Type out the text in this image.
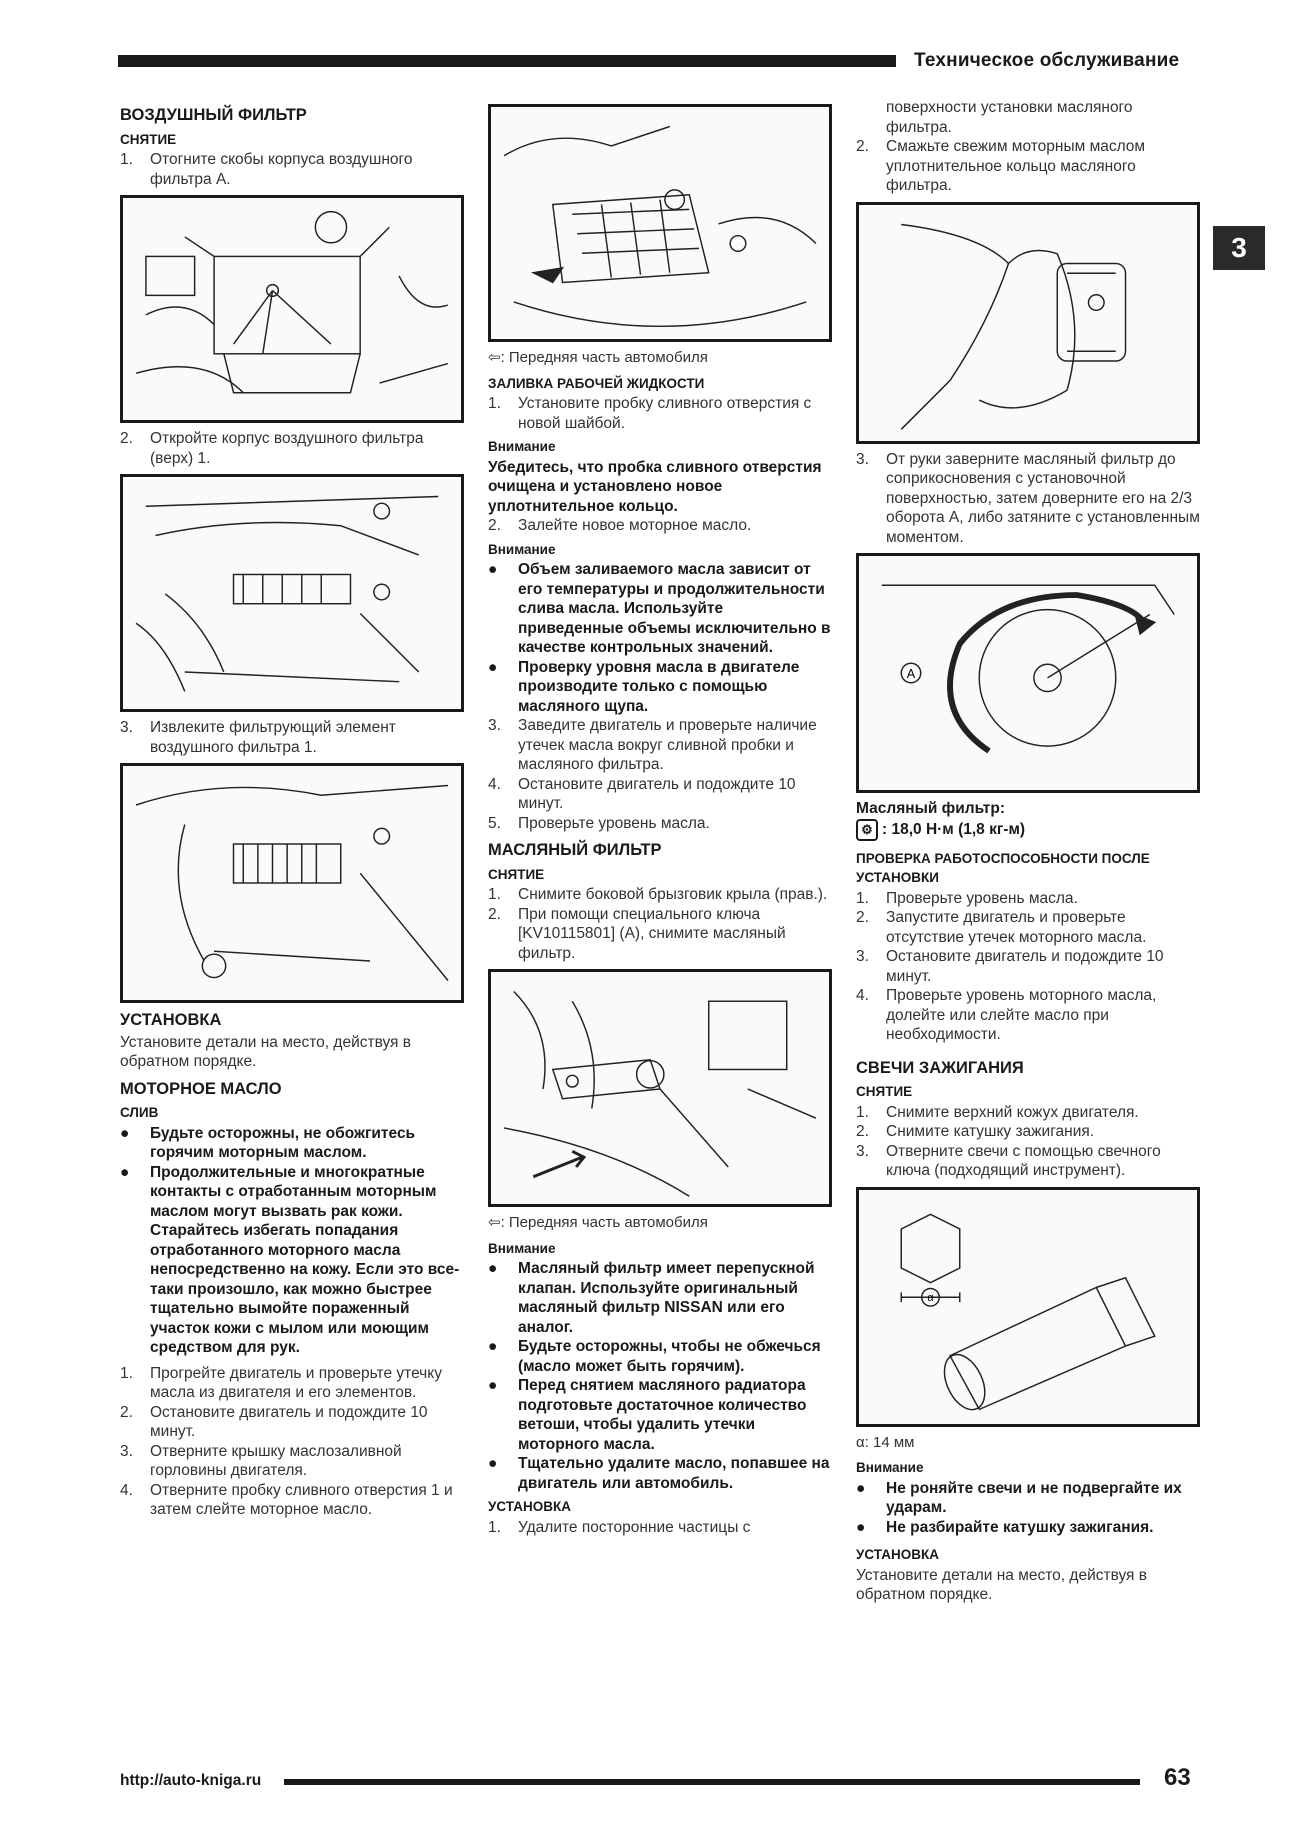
Техническое обслуживание
3
ВОЗДУШНЫЙ ФИЛЬТР
СНЯТИЕ
1.	Отогните скобы корпуса воздушного фильтра А.
2.	Откройте корпус воздушного фильтра (верх) 1.
3.	Извлеките фильтрующий элемент воздушного фильтра 1.
УСТАНОВКА
Установите детали на место, действуя в обратном порядке.
МОТОРНОЕ МАСЛО
СЛИВ
●	Будьте осторожны, не обожгитесь горячим моторным маслом.
●	Продолжительные и многократные контакты с отработанным моторным маслом могут вызвать рак кожи. Старайтесь избегать попадания отработанного моторного масла непосредственно на кожу. Если это все-таки произошло, как можно быстрее тщательно вымойте пораженный участок кожи с мылом или моющим средством для рук.
1.	Прогрейте двигатель и проверьте утечку масла из двигателя и его элементов.
2.	Остановите двигатель и подождите 10 минут.
3.	Отверните крышку маслозаливной горловины двигателя.
4.	Отверните пробку сливного отверстия 1 и затем слейте моторное масло.
⇦: Передняя часть автомобиля
ЗАЛИВКА РАБОЧЕЙ ЖИДКОСТИ
1.	Установите пробку сливного отверстия с новой шайбой.
Внимание
Убедитесь, что пробка сливного отверстия очищена и установлено новое уплотнительное кольцо.
2.	Залейте новое моторное масло.
Внимание
●	Объем заливаемого масла зависит от его температуры и продолжительности слива масла. Используйте приведенные объемы исключительно в качестве контрольных значений.
●	Проверку уровня масла в двигателе производите только с помощью масляного щупа.
3.	Заведите двигатель и проверьте наличие утечек масла вокруг сливной пробки и масляного фильтра.
4.	Остановите двигатель и подождите 10 минут.
5.	Проверьте уровень масла.
МАСЛЯНЫЙ ФИЛЬТР
СНЯТИЕ
1.	Снимите боковой брызговик крыла (прав.).
2.	При помощи специального ключа [KV10115801] (А), снимите масляный фильтр.
⇦: Передняя часть автомобиля
Внимание
●	Масляный фильтр имеет перепускной клапан. Используйте оригинальный масляный фильтр NISSAN или его аналог.
●	Будьте осторожны, чтобы не обжечься (масло может быть горячим).
●	Перед снятием масляного радиатора подготовьте достаточное количество ветоши, чтобы удалить утечки моторного масла.
●	Тщательно удалите масло, попавшее на двигатель или автомобиль.
УСТАНОВКА
1.	Удалите посторонние частицы с
поверхности установки масляного фильтра.
2.	Смажьте свежим моторным маслом уплотнительное кольцо масляного фильтра.
3.	От руки заверните масляный фильтр до соприкосновения с установочной поверхностью, затем доверните его на 2/3 оборота А, либо затяните с установленным моментом.
A
Масляный фильтр:
⚙ : 18,0 Н·м (1,8 кг-м)
ПРОВЕРКА РАБОТОСПОСОБНОСТИ ПОСЛЕ УСТАНОВКИ
1.	Проверьте уровень масла.
2.	Запустите двигатель и проверьте отсутствие утечек моторного масла.
3.	Остановите двигатель и подождите 10 минут.
4.	Проверьте уровень моторного масла, долейте или слейте масло при необходимости.
СВЕЧИ ЗАЖИГАНИЯ
СНЯТИЕ
1.	Снимите верхний кожух двигателя.
2.	Снимите катушку зажигания.
3.	Отверните свечи с помощью свечного ключа (подходящий инструмент).
α
α: 14 мм
Внимание
●	Не роняйте свечи и не подвергайте их ударам.
●	Не разбирайте катушку зажигания.
УСТАНОВКА
Установите детали на место, действуя в обратном порядке.
http://auto-kniga.ru	63
